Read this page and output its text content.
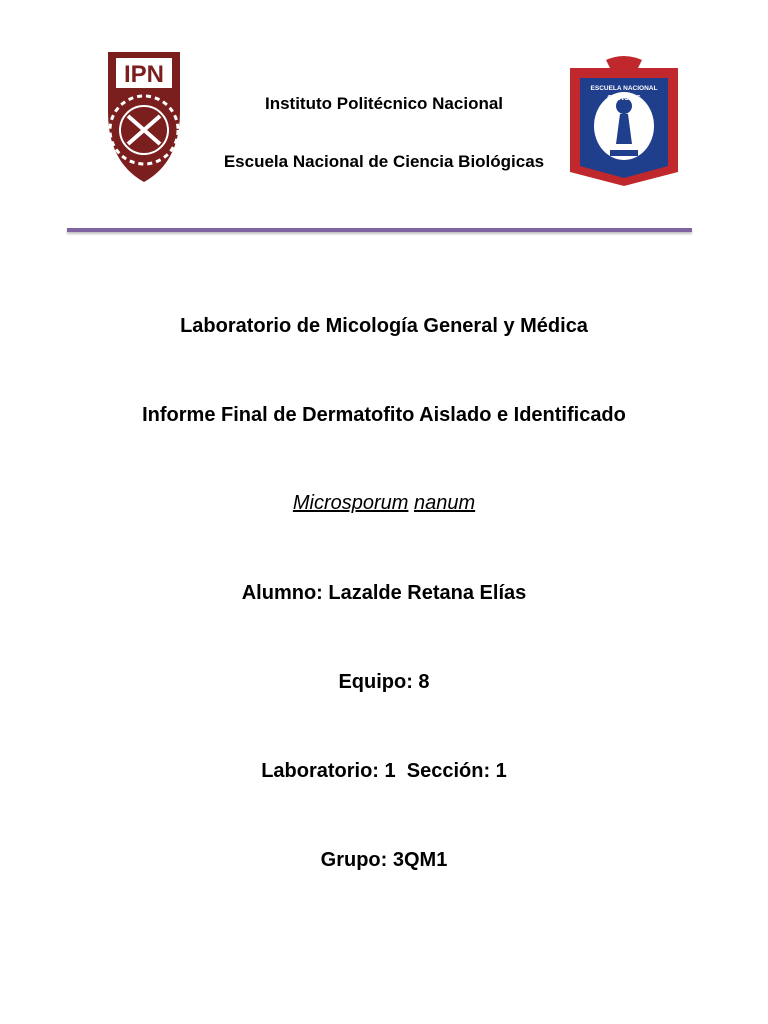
IPN
ESCUELA NACIONAL
CIENCIAS
Instituto Politécnico Nacional
Escuela Nacional de Ciencia Biológicas
Laboratorio de Micología General y Médica
Informe Final de Dermatofito Aislado e Identificado
Microsporum nanum
Alumno: Lazalde Retana Elías
Equipo: 8
Laboratorio: 1  Sección: 1
Grupo: 3QM1
